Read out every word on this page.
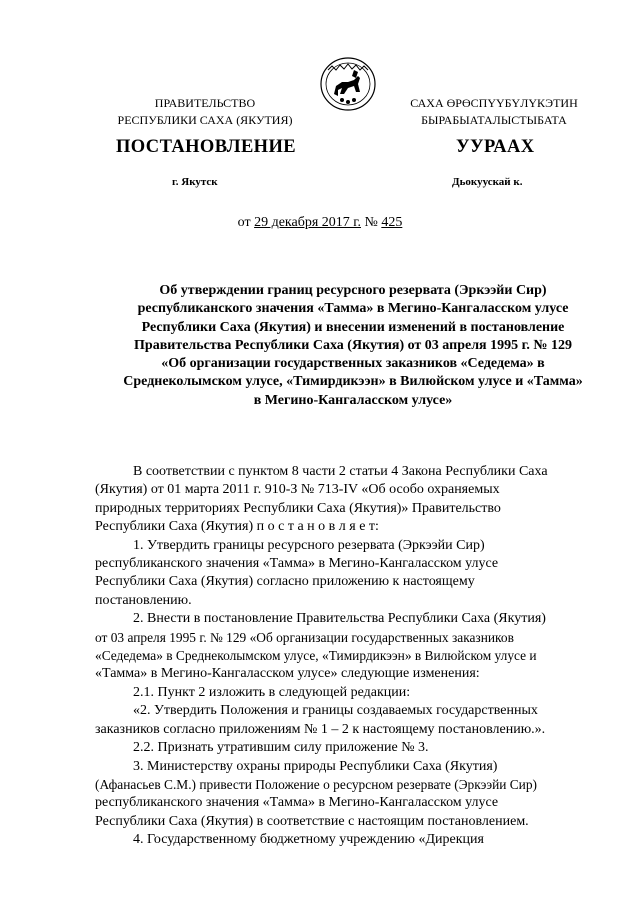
ПРАВИТЕЛЬСТВО
РЕСПУБЛИКИ САХА (ЯКУТИЯ)
САХА ӨРӨСПҮҮБҮЛҮКЭТИН
БЫРАБЫАТАЛЫСТЫБАТА
ПОСТАНОВЛЕНИЕ	УУРААХ
г. Якутск	Дьокуускай к.
от 29 декабря 2017 г. № 425
Об утверждении границ ресурсного резервата (Эркээйи Сир)
республиканского значения «Тамма» в Мегино-Кангаласском улусе
Республики Саха (Якутия) и внесении изменений в постановление
Правительства Республики Саха (Якутия) от 03 апреля 1995 г. № 129
«Об организации государственных заказников «Седедема» в
Среднеколымском улусе, «Тимирдикээн» в Вилюйском улусе и «Тамма»
в Мегино-Кангаласском улусе»
В соответствии с пунктом 8 части 2 статьи 4 Закона Республики Саха
(Якутия) от 01 марта 2011 г. 910-З № 713-IV «Об особо охраняемых
природных территориях Республики Саха (Якутия)» Правительство
Республики Саха (Якутия) п о с т а н о в л я е т:
1. Утвердить границы ресурсного резервата (Эркээйи Сир)
республиканского значения «Тамма» в Мегино-Кангаласском улусе
Республики Саха (Якутия) согласно приложению к настоящему
постановлению.
2. Внести в постановление Правительства Республики Саха (Якутия)
от 03 апреля 1995 г. № 129 «Об организации государственных заказников
«Седедема» в Среднеколымском улусе, «Тимирдикээн» в Вилюйском улусе и
«Тамма» в Мегино-Кангаласском улусе» следующие изменения:
2.1. Пункт 2 изложить в следующей редакции:
«2. Утвердить Положения и границы создаваемых государственных
заказников согласно приложениям № 1 – 2 к настоящему постановлению.».
2.2. Признать утратившим силу приложение № 3.
3. Министерству охраны природы Республики Саха (Якутия)
(Афанасьев С.М.) привести Положение о ресурсном резервате (Эркээйи Сир)
республиканского значения «Тамма» в Мегино-Кангаласском улусе
Республики Саха (Якутия) в соответствие с настоящим постановлением.
4. Государственному бюджетному учреждению «Дирекция
